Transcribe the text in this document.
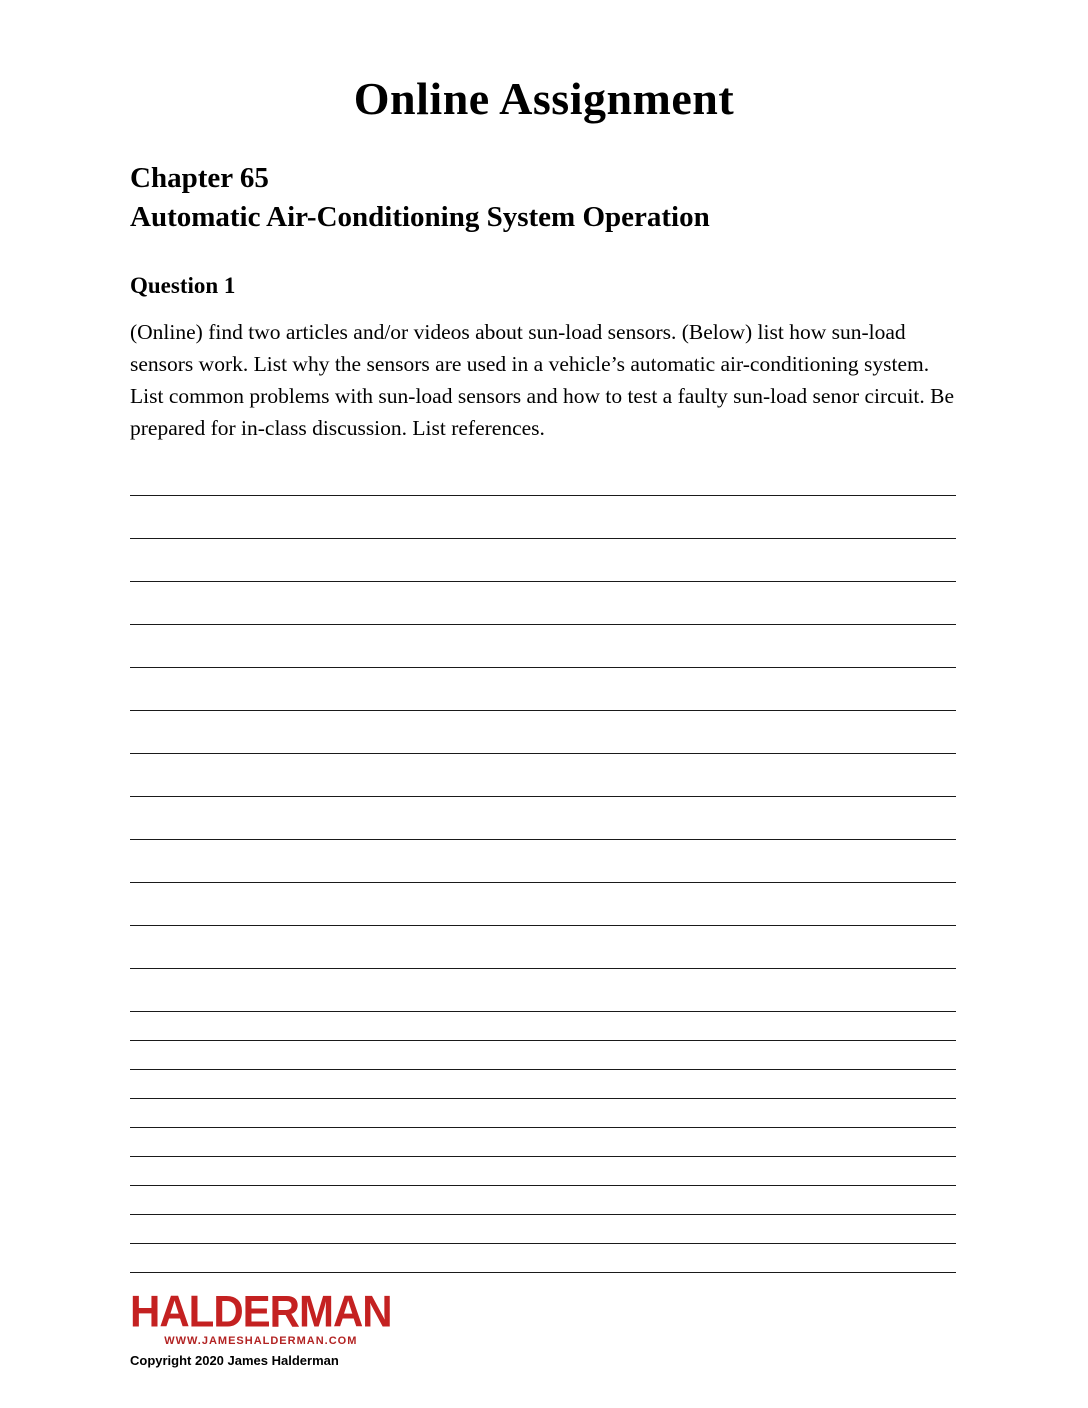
Online Assignment
Chapter 65
Automatic Air-Conditioning System Operation
Question 1
(Online) find two articles and/or videos about sun-load sensors. (Below) list how sun-load sensors work. List why the sensors are used in a vehicle’s automatic air-conditioning system. List common problems with sun-load sensors and how to test a faulty sun-load senor circuit. Be prepared for in-class discussion. List references.
HALDERMAN
WWW.JAMESHALDERMAN.COM
Copyright 2020 James Halderman
